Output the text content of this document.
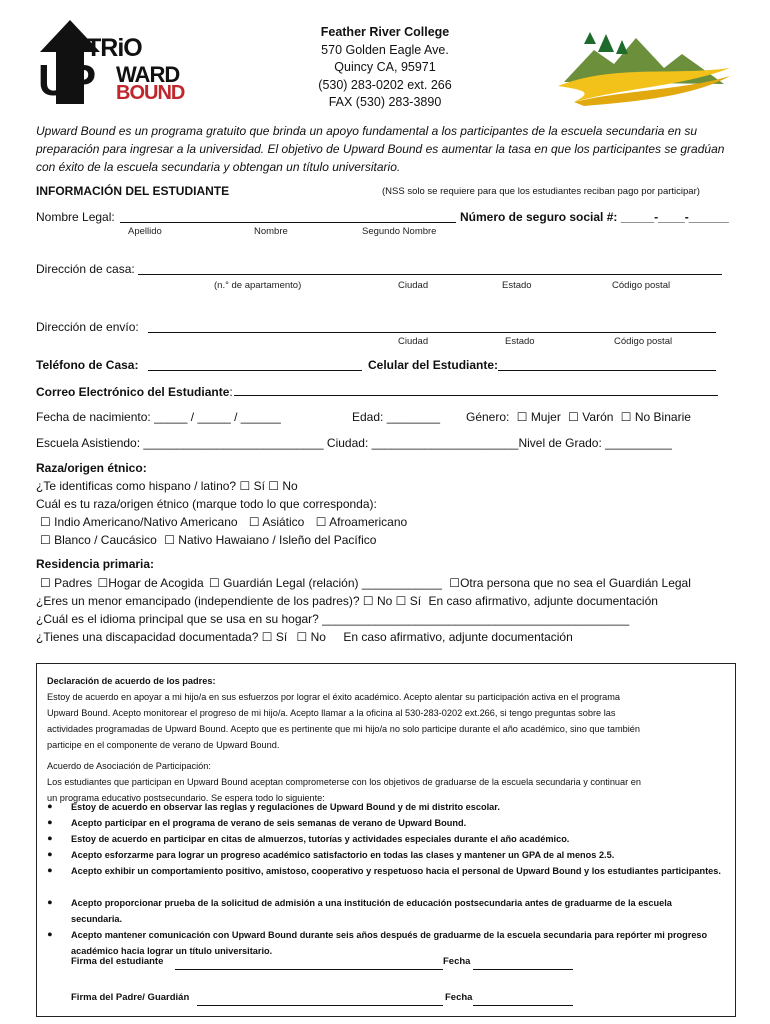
TRiO
UP WARD
BOUND
Feather River College
570 Golden Eagle Ave.
Quincy CA, 95971
(530) 283-0202 ext. 266
FAX (530) 283-3890
Upward Bound es un programa gratuito que brinda un apoyo fundamental a los participantes de la escuela secundaria en su preparación para ingresar a la universidad. El objetivo de Upward Bound es aumentar la tasa en que los participantes se gradúan con éxito de la escuela secundaria y obtengan un título universitario.
INFORMACIÓN DEL ESTUDIANTE	(NSS solo se requiere para que los estudiantes reciban pago por participar)
Nombre Legal:	Número de seguro social #: _____-____-______
Apellido	Nombre	Segundo Nombre
Dirección de casa:
(n.° de apartamento)	Ciudad	Estado	Código postal
Dirección de envío:
Ciudad	Estado	Código postal
Teléfono de Casa:	Celular del Estudiante:
Correo Electrónico del Estudiante:
Fecha de nacimiento: _____ / _____ / ______	Edad: ________ Género: ☐ Mujer ☐ Varón ☐ No Binarie
Escuela Asistiendo: ___________________________ Ciudad: ______________________Nivel de Grado: __________
Raza/origen étnico:
¿Te identificas como hispano / latino? ☐ Sí ☐ No
Cuál es tu raza/origen étnico (marque todo lo que corresponda):
☐ Indio Americano/Nativo Americano ☐ Asiático ☐ Afroamericano
☐ Blanco / Caucásico ☐ Nativo Hawaiano / Isleño del Pacífico
Residencia primaria:
☐ Padres ☐Hogar de Acogida ☐ Guardián Legal (relación) ____________ ☐Otra persona que no sea el Guardián Legal
¿Eres un menor emancipado (independiente de los padres)? ☐ No ☐ Sí En caso afirmativo, adjunte documentación
¿Cuál es el idioma principal que se usa en su hogar? ______________________________________________
¿Tienes una discapacidad documentada? ☐ Sí ☐ No En caso afirmativo, adjunte documentación
Declaración de acuerdo de los padres:
Estoy de acuerdo en apoyar a mi hijo/a en sus esfuerzos por lograr el éxito académico. Acepto alentar su participación activa en el programa
Upward Bound. Acepto monitorear el progreso de mi hijo/a. Acepto llamar a la oficina al 530-283-0202 ext.266, si tengo preguntas sobre las
actividades programadas de Upward Bound. Acepto que es pertinente que mi hijo/a no solo participe durante el año académico, sino que también
participe en el componente de verano de Upward Bound.
Acuerdo de Asociación de Participación:
Los estudiantes que participan en Upward Bound aceptan comprometerse con los objetivos de graduarse de la escuela secundaria y continuar en
un programa educativo postsecundario. Se espera todo lo siguiente:
● Estoy de acuerdo en observar las reglas y regulaciones de Upward Bound y de mi distrito escolar.
● Acepto participar en el programa de verano de seis semanas de verano de Upward Bound.
● Estoy de acuerdo en participar en citas de almuerzos, tutorías y actividades especiales durante el año académico.
● Acepto esforzarme para lograr un progreso académico satisfactorio en todas las clases y mantener un GPA de al menos 2.5.
● Acepto exhibir un comportamiento positivo, amistoso, cooperativo y respetuoso hacia el personal de Upward Bound y los estudiantes participantes.
● Acepto proporcionar prueba de la solicitud de admisión a una institución de educación postsecundaria antes de graduarme de la escuela secundaria.
● Acepto mantener comunicación con Upward Bound durante seis años después de graduarme de la escuela secundaria para repórter mi progreso académico hacia lograr un título universitario.
Firma del estudiante	Fecha
Firma del Padre/ Guardián	Fecha
